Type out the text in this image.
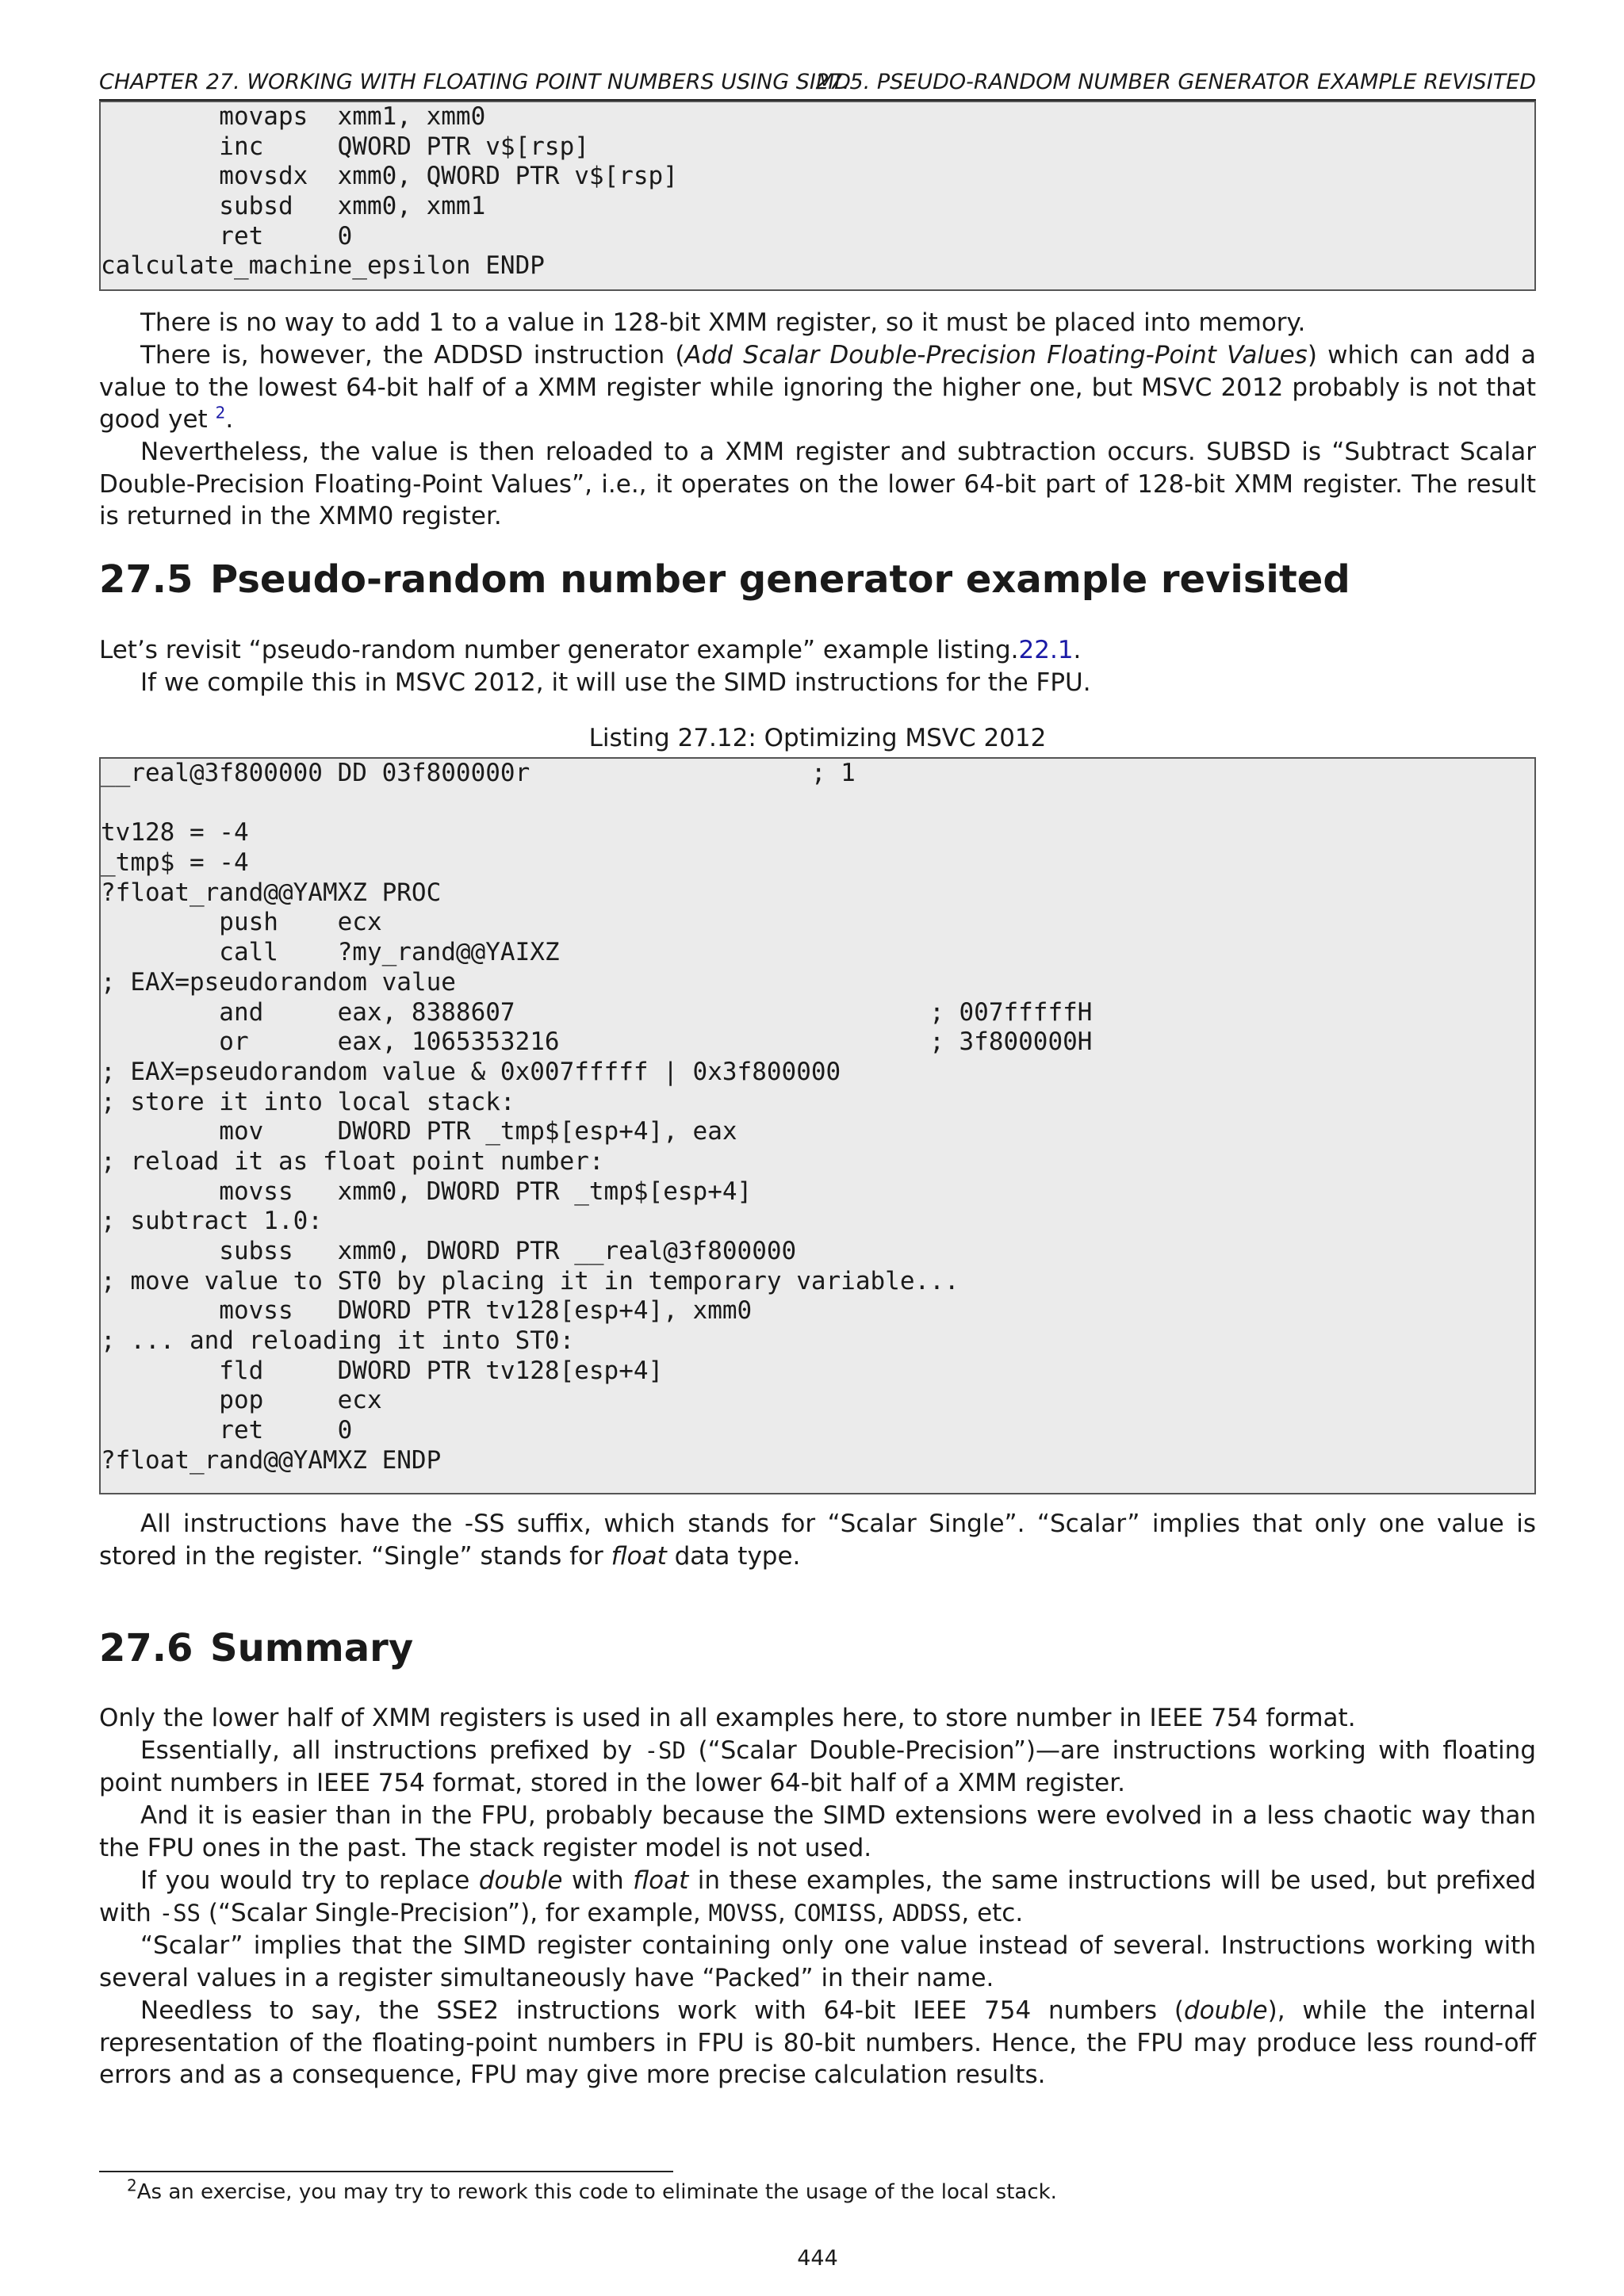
CHAPTER 27. WORKING WITH FLOATING POINT NUMBERS USING SIMD
27.5. PSEUDO-RANDOM NUMBER GENERATOR EXAMPLE REVISITED
movaps  xmm1, xmm0
inc     QWORD PTR v$[rsp]
movsdx  xmm0, QWORD PTR v$[rsp]
subsd   xmm0, xmm1
ret     0
calculate_machine_epsilon ENDP
There is no way to add 1 to a value in 128-bit XMM register, so it must be placed into memory.
There is, however, the ADDSD instruction (Add Scalar Double-Precision Floating-Point Values) which can add a value to the lowest 64-bit half of a XMM register while ignoring the higher one, but MSVC 2012 probably is not that good yet $^2$.
Nevertheless, the value is then reloaded to a XMM register and subtraction occurs. SUBSD is “Subtract Scalar Double-Precision Floating-Point Values”, i.e., it operates on the lower 64-bit part of 128-bit XMM register. The result is returned in the XMM0 register.
27.5 Pseudo-random number generator example revisited
Let’s revisit “pseudo-random number generator example” example listing.22.1.
If we compile this in MSVC 2012, it will use the SIMD instructions for the FPU.
Listing 27.12: Optimizing MSVC 2012
__real@3f800000 DD 03f800000r                   ; 1
tv128 = -4
_tmp$ = -4
?float_rand@@YAMXZ PROC
push    ecx
call    ?my_rand@@YAIXZ
; EAX=pseudorandom value
and     eax, 8388607                            ; 007fffffH
or      eax, 1065353216                         ; 3f800000H
; EAX=pseudorandom value & 0x007fffff | 0x3f800000
; store it into local stack:
mov     DWORD PTR _tmp$[esp+4], eax
; reload it as float point number:
movss   xmm0, DWORD PTR _tmp$[esp+4]
; subtract 1.0:
subss   xmm0, DWORD PTR __real@3f800000
; move value to ST0 by placing it in temporary variable...
movss   DWORD PTR tv128[esp+4], xmm0
; ... and reloading it into ST0:
fld     DWORD PTR tv128[esp+4]
pop     ecx
ret     0
?float_rand@@YAMXZ ENDP
All instructions have the -SS suffix, which stands for “Scalar Single”. “Scalar” implies that only one value is stored in the register. “Single” stands for float data type.
27.6 Summary
Only the lower half of XMM registers is used in all examples here, to store number in IEEE 754 format.
Essentially, all instructions prefixed by -SD (“Scalar Double-Precision”)—are instructions working with floating point numbers in IEEE 754 format, stored in the lower 64-bit half of a XMM register.
And it is easier than in the FPU, probably because the SIMD extensions were evolved in a less chaotic way than the FPU ones in the past. The stack register model is not used.
If you would try to replace double with float in these examples, the same instructions will be used, but prefixed with -SS (“Scalar Single-Precision”), for example, MOVSS, COMISS, ADDSS, etc.
“Scalar” implies that the SIMD register containing only one value instead of several. Instructions working with several values in a register simultaneously have “Packed” in their name.
Needless to say, the SSE2 instructions work with 64-bit IEEE 754 numbers (double), while the internal representation of the floating-point numbers in FPU is 80-bit numbers. Hence, the FPU may produce less round-off errors and as a consequence, FPU may give more precise calculation results.
$^2$As an exercise, you may try to rework this code to eliminate the usage of the local stack.
444
